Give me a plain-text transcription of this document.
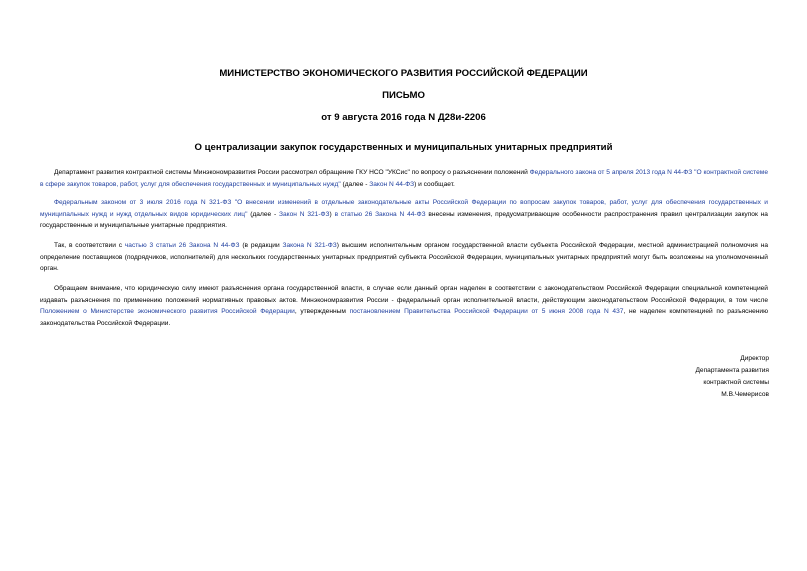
МИНИСТЕРСТВО ЭКОНОМИЧЕСКОГО РАЗВИТИЯ РОССИЙСКОЙ ФЕДЕРАЦИИ
ПИСЬМО
от 9 августа 2016 года N Д28и-2206
О централизации закупок государственных и муниципальных унитарных предприятий

Департамент развития контрактной системы Минэкономразвития России рассмотрел обращение ГКУ НСО "УКСис" по вопросу о разъяснении положений Федерального закона от 5 апреля 2013 года N 44-ФЗ "О контрактной системе в сфере закупок товаров, работ, услуг для обеспечения государственных и муниципальных нужд" (далее - Закон N 44-ФЗ) и сообщает.

Федеральным законом от 3 июля 2016 года N 321-ФЗ "О внесении изменений в отдельные законодательные акты Российской Федерации по вопросам закупок товаров, работ, услуг для обеспечения государственных и муниципальных нужд и нужд отдельных видов юридических лиц" (далее - Закон N 321-ФЗ) в статью 26 Закона N 44-ФЗ внесены изменения, предусматривающие особенности распространения правил централизации закупок на государственные и муниципальные унитарные предприятия.

Так, в соответствии с частью 3 статьи 26 Закона N 44-ФЗ (в редакции Закона N 321-ФЗ) высшим исполнительным органом государственной власти субъекта Российской Федерации, местной администрацией полномочия на определение поставщиков (подрядчиков, исполнителей) для нескольких государственных унитарных предприятий субъекта Российской Федерации, муниципальных унитарных предприятий могут быть возложены на уполномоченный орган.

Обращаем внимание, что юридическую силу имеют разъяснения органа государственной власти, в случае если данный орган наделен в соответствии с законодательством Российской Федерации специальной компетенцией издавать разъяснения по применению положений нормативных правовых актов. Минэкономразвития России - федеральный орган исполнительной власти, действующим законодательством Российской Федерации, в том числе Положением о Министерстве экономического развития Российской Федерации, утвержденным постановлением Правительства Российской Федерации от 5 июня 2008 года N 437, не наделен компетенцией по разъяснению законодательства Российской Федерации.

Директор
Департамента развития
контрактной системы
М.В.Чемерисов
